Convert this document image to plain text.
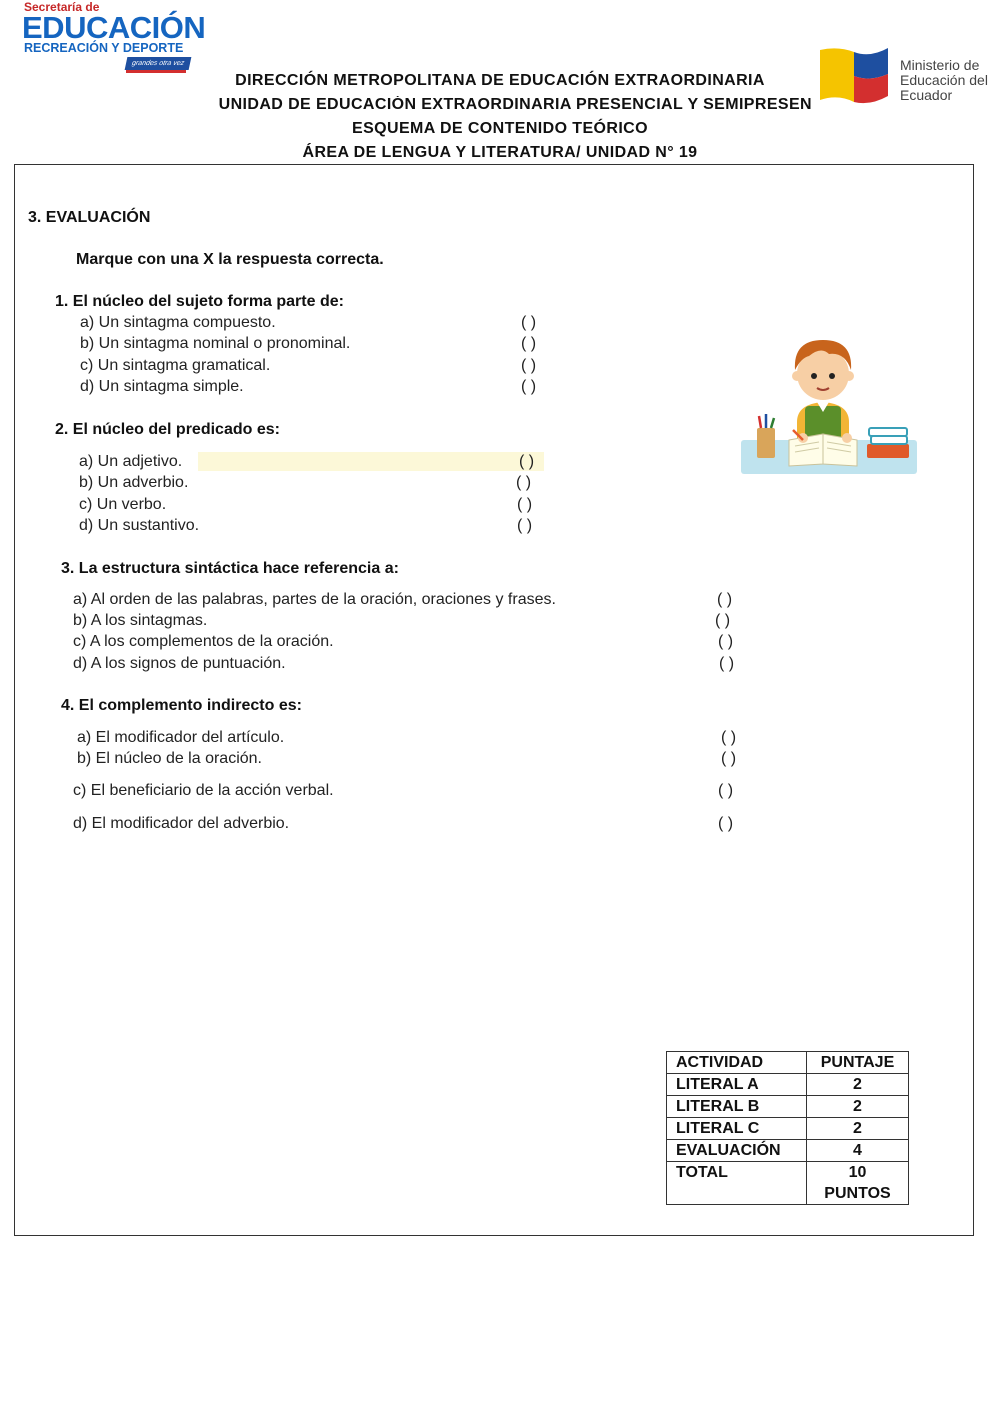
Secretaría de
EDUCACIÓN
RECREACIÓN Y DEPORTE
grandes otra vez	Ministerio de Educación del Ecuador
DIRECCIÓN METROPOLITANA DE EDUCACIÓN EXTRAORDINARIA
UNIDAD DE EDUCACIÓN EXTRAORDINARIA PRESENCIAL Y SEMIPRESEN
ESQUEMA DE CONTENIDO TEÓRICO
ÁREA DE LENGUA Y LITERATURA/ UNIDAD N° 19
3. EVALUACIÓN
Marque con una X la respuesta correcta.
1. El núcleo del sujeto forma parte de:
a) Un sintagma compuesto.
b) Un sintagma nominal o pronominal.
c) Un sintagma gramatical.
d) Un sintagma simple.
( )
( )
( )
( )
2. El núcleo del predicado es:
a) Un adjetivo.
b) Un adverbio.
c) Un verbo.
d) Un sustantivo.
( )
( )
( )
( )
3. La estructura sintáctica hace referencia a:
a) Al orden de las palabras, partes de la oración, oraciones y frases.
b) A los sintagmas.
c) A los complementos de la oración.
d) A los signos de puntuación.
( )
( )
( )
( )
4. El complemento indirecto es:
a) El modificador del artículo.
b) El núcleo de la oración.
c) El beneficiario de la acción verbal.
d) El modificador del adverbio.
( )
( )
( )
( )
ACTIVIDAD	PUNTAJE
LITERAL A	2
LITERAL B	2
LITERAL C	2
EVALUACIÓN	4
TOTAL	10
PUNTOS
